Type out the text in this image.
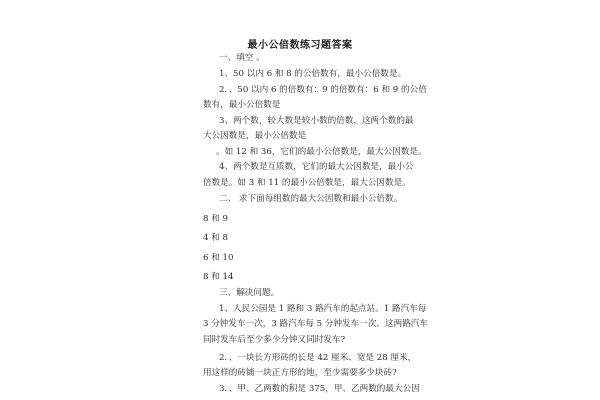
最小公倍数练习题答案
一、填空 。
1、50 以内 6 和 8 的公倍数有，最小公倍数是。
2．、50 以内 6 的倍数有：9 的倍数有：6 和 9 的公倍
数有，最小公倍数是
3、两个数，较大数是较小数的倍数，这两个数的最
大公因数是，最小公倍数是
。如 12 和 36，它们的最小公倍数是，最大公因数是。
4、两个数是互质数，它们的最大公因数是，最小公
倍数是。如 3 和 11 的最小公倍数是，最大公因数是。
二、 求下面每组数的最大公因数和最小公倍数。
8 和 9
4 和 8
6 和 10
8 和 14
三、解决问题。
1、人民公园是 1 路和 3 路汽车的起点站。1 路汽车每
3 分钟发车一次，3 路汽车每 5 分钟发车一次。这两路汽车
同时发车后至少多少分钟又同时发车?
2．、一块长方形砖的长是 42 厘米、宽是 28 厘米，
用这样的砖铺一块正方形的地，至少需要多少块砖?
3．、甲、乙两数的积是 375，甲、乙两数的最大公因
